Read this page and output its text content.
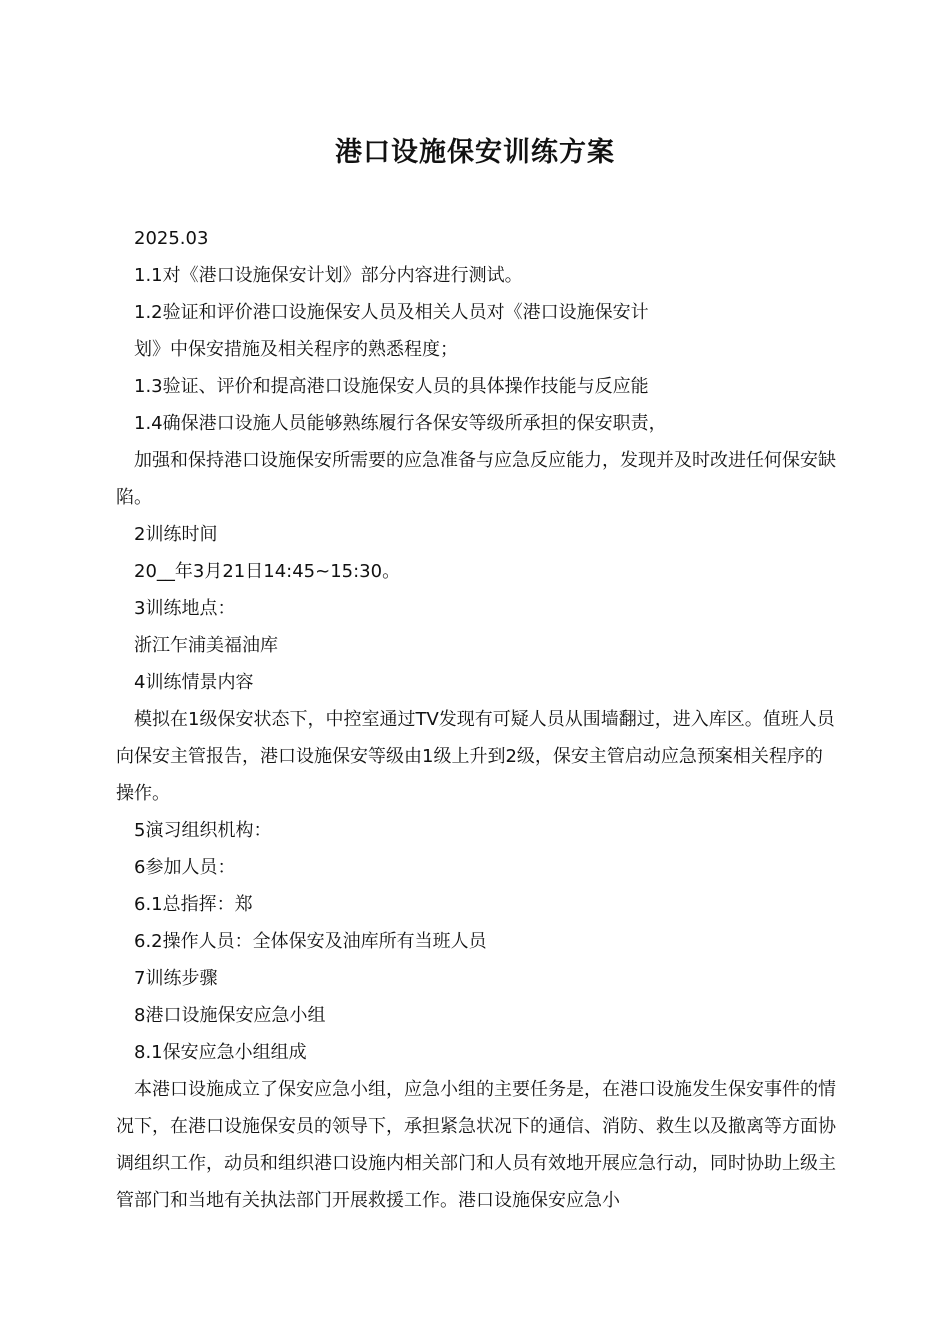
港口设施保安训练方案

2025.03

1.1对《港口设施保安计划》部分内容进行测试。

1.2验证和评价港口设施保安人员及相关人员对《港口设施保安计

划》中保安措施及相关程序的熟悉程度；

1.3验证、评价和提高港口设施保安人员的具体操作技能与反应能

1.4确保港口设施人员能够熟练履行各保安等级所承担的保安职责，

加强和保持港口设施保安所需要的应急准备与应急反应能力，发现并及时改进任何保安缺陷。

2训练时间

20__年3月21日14:45~15:30。

3训练地点：

浙江乍浦美福油库

4训练情景内容

模拟在1级保安状态下，中控室通过TV发现有可疑人员从围墙翻过，进入库区。值班人员向保安主管报告，港口设施保安等级由1级上升到2级，保安主管启动应急预案相关程序的操作。

5演习组织机构：

6参加人员：

6.1总指挥：郑

6.2操作人员：全体保安及油库所有当班人员

7训练步骤

8港口设施保安应急小组

8.1保安应急小组组成

本港口设施成立了保安应急小组，应急小组的主要任务是，在港口设施发生保安事件的情况下，在港口设施保安员的领导下，承担紧急状况下的通信、消防、救生以及撤离等方面协调组织工作，动员和组织港口设施内相关部门和人员有效地开展应急行动，同时协助上级主管部门和当地有关执法部门开展救援工作。港口设施保安应急小
